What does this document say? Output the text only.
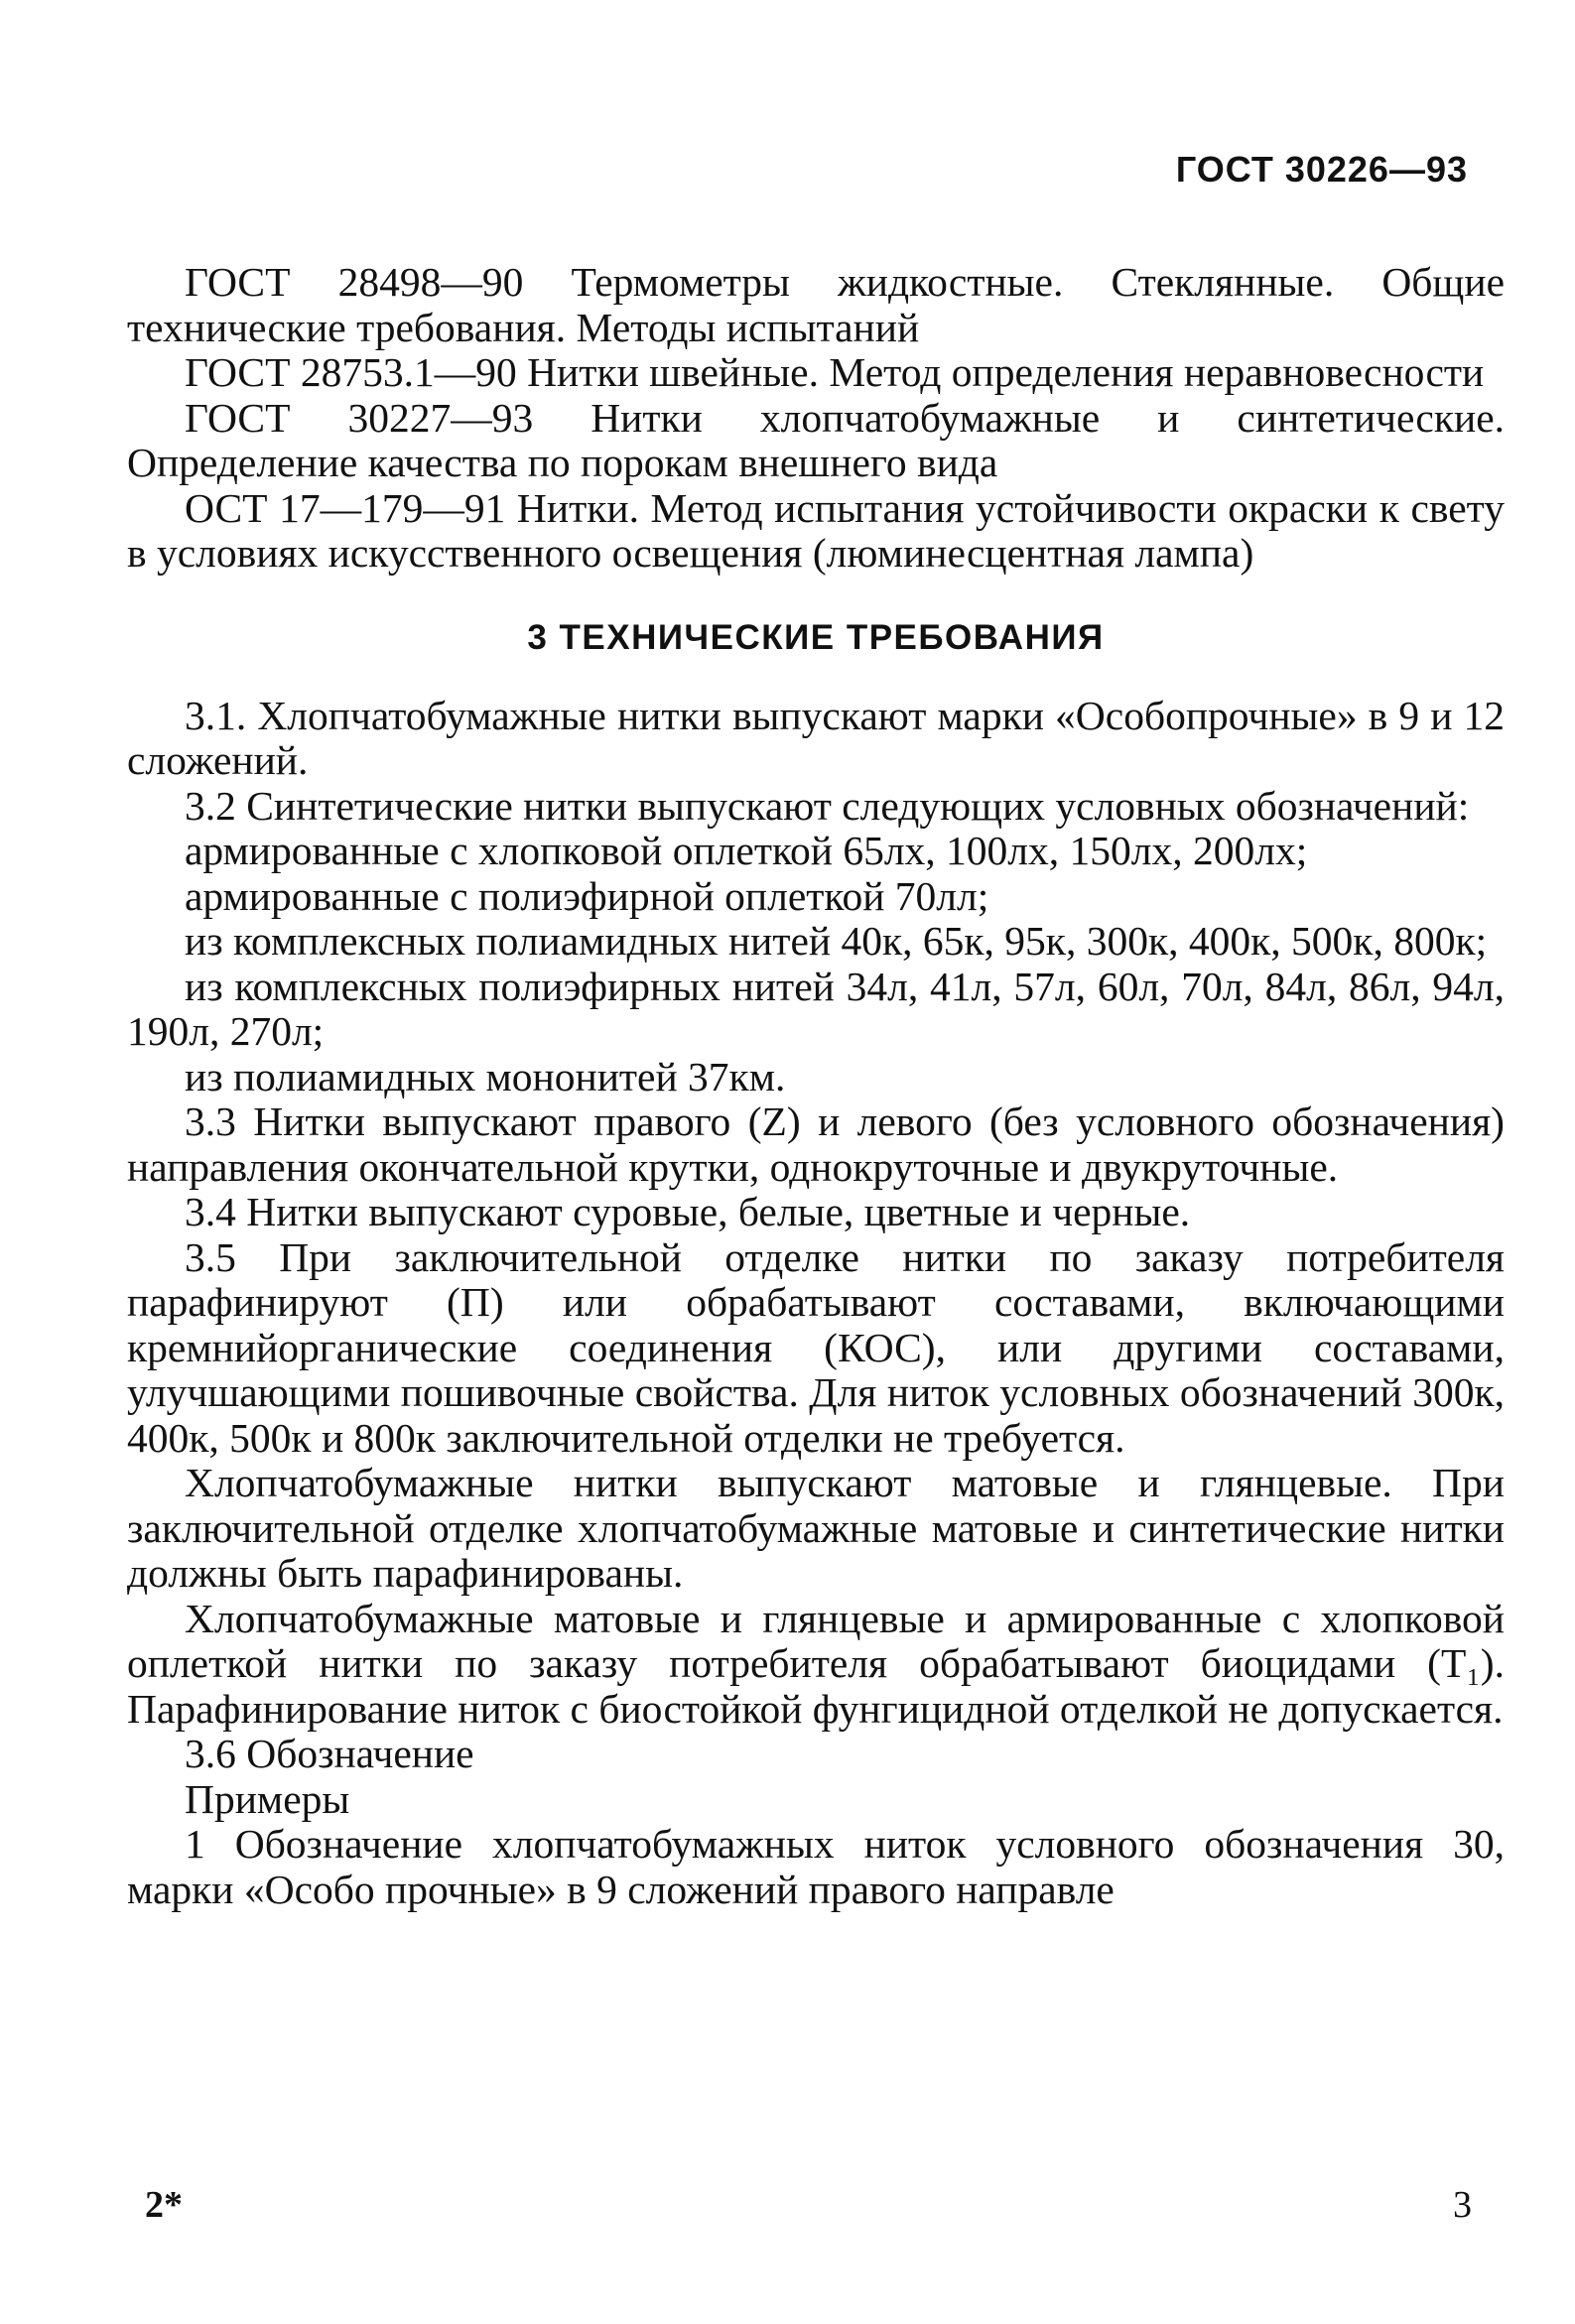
ГОСТ 30226—93

ГОСТ 28498—90 Термометры жидкостные. Стеклянные. Общие технические требования. Методы испытаний

ГОСТ 28753.1—90 Нитки швейные. Метод определения неравновесности

ГОСТ 30227—93 Нитки хлопчатобумажные и синтетические. Определение качества по порокам внешнего вида

ОСТ 17—179—91 Нитки. Метод испытания устойчивости окраски к свету в условиях искусственного освещения (люминесцентная лампа)

3 ТЕХНИЧЕСКИЕ ТРЕБОВАНИЯ

3.1. Хлопчатобумажные нитки выпускают марки «Особопрочные» в 9 и 12 сложений.

3.2 Синтетические нитки выпускают следующих условных обозначений:

армированные с хлопковой оплеткой 65лх, 100лх, 150лх, 200лх;

армированные с полиэфирной оплеткой 70лл;

из комплексных полиамидных нитей 40к, 65к, 95к, 300к, 400к, 500к, 800к;

из комплексных полиэфирных нитей 34л, 41л, 57л, 60л, 70л, 84л, 86л, 94л, 190л, 270л;

из полиамидных мононитей 37км.

3.3 Нитки выпускают правого (Z) и левого (без условного обозначения) направления окончательной крутки, однокруточные и двукруточные.

3.4 Нитки выпускают суровые, белые, цветные и черные.

3.5 При заключительной отделке нитки по заказу потребителя парафинируют (П) или обрабатывают составами, включающими кремнийорганические соединения (КОС), или другими составами, улучшающими пошивочные свойства. Для ниток условных обозначений 300к, 400к, 500к и 800к заключительной отделки не требуется.

Хлопчатобумажные нитки выпускают матовые и глянцевые. При заключительной отделке хлопчатобумажные матовые и синтетические нитки должны быть парафинированы.

Хлопчатобумажные матовые и глянцевые и армированные с хлопковой оплеткой нитки по заказу потребителя обрабатывают биоцидами (Т₁). Парафинирование ниток с биостойкой фунгицидной отделкой не допускается.

3.6 Обозначение

Примеры

1 Обозначение хлопчатобумажных ниток условного обозначения 30, марки «Особо прочные» в 9 сложений правого направле

2*	3
